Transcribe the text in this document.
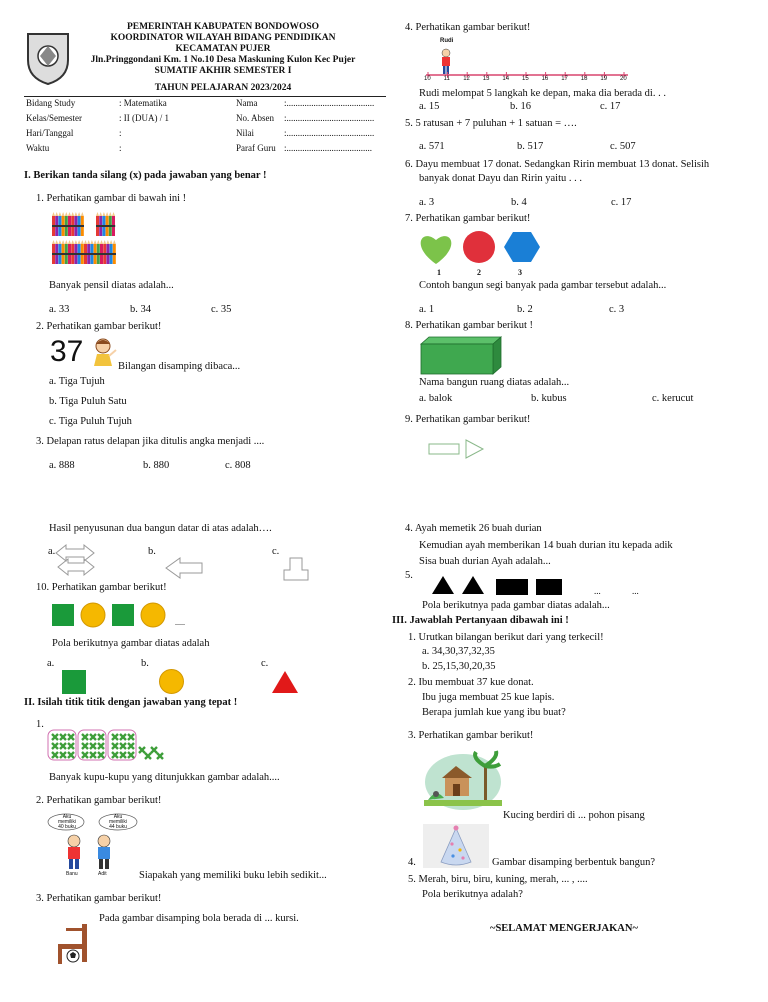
PEMERINTAH KABUPATEN BONDOWOSO
KOORDINATOR WILAYAH BIDANG PENDIDIKAN
KECAMATAN PUJER
Jln.Pringgondani Km. 1 No.10 Desa Maskuning Kulon Kec Pujer
SUMATIF AKHIR SEMESTER I
TAHUN PELAJARAN 2023/2024
Bidang Study	: Matematika	Nama	:.......................................
Kelas/Semester	: II (DUA) / 1	No. Absen :.......................................
Hari/Tanggal	:	Nilai	:.......................................
Waktu	:	Paraf Guru :......................................
I. Berikan tanda silang (x) pada jawaban yang benar !
1. Perhatikan gambar di bawah ini !
Banyak pensil diatas adalah...
a. 33	b. 34	c. 35
2. Perhatikan gambar berikut!
37	Bilangan disamping dibaca...
a. Tiga Tujuh
b. Tiga Puluh Satu
c. Tiga Puluh Tujuh
3. Delapan ratus delapan jika ditulis angka menjadi ....
a. 888	b. 880	c. 808
Hasil penyusunan dua bangun datar di atas adalah….
a.	b.	c.
10. Perhatikan gambar berikut!
.....
Pola berikutnya gambar diatas adalah
a.	b.	c.
II. Isilah titik titik dengan jawaban yang tepat !
1.
Banyak kupu-kupu yang ditunjukkan gambar adalah....
2. Perhatikan gambar berikut!
Aku memiliki 40 buku
Aku memiliki 44 buku
Banu	Adit	Siapakah yang memiliki buku lebih sedikit...
3. Perhatikan gambar berikut!
Pada gambar disamping bola berada di ... kursi.
4. Perhatikan gambar berikut!
Rudi
10 11 12 13 14 15 16 17 18 19 20
Rudi melompat 5 langkah ke depan, maka dia berada di. . .
a. 15	b. 16	c. 17
5. 5 ratusan + 7 puluhan + 1 satuan = ….
a. 571	b. 517	c. 507
6. Dayu membuat 17 donat. Sedangkan Ririn membuat 13 donat. Selisih
banyak donat Dayu dan Ririn yaitu . . .
a. 3	b. 4	c. 17
7. Perhatikan gambar berikut!
1	2	3
Contoh bangun segi banyak pada gambar tersebut adalah...
a. 1	b. 2	c. 3
8. Perhatikan gambar berikut !
Nama bangun ruang diatas adalah...
a. balok	b. kubus	c. kerucut
9. Perhatikan gambar berikut!
4. Ayah memetik 26 buah durian
Kemudian ayah memberikan 14 buah durian itu kepada adik
Sisa buah durian Ayah adalah...
5.
...	...
Pola berikutnya pada gambar diatas adalah...
III. Jawablah Pertanyaan dibawah ini !
1. Urutkan bilangan berikut dari yang terkecil!
a. 34,30,37,32,35
b. 25,15,30,20,35
2. Ibu membuat 37 kue donat.
Ibu juga membuat 25 kue lapis.
Berapa jumlah kue yang ibu buat?
3. Perhatikan gambar berikut!
Kucing berdiri di ... pohon pisang
4.	Gambar disamping berbentuk bangun?
5. Merah, biru, biru, kuning, merah, ... , ....
Pola berikutnya adalah?
~SELAMAT MENGERJAKAN~
